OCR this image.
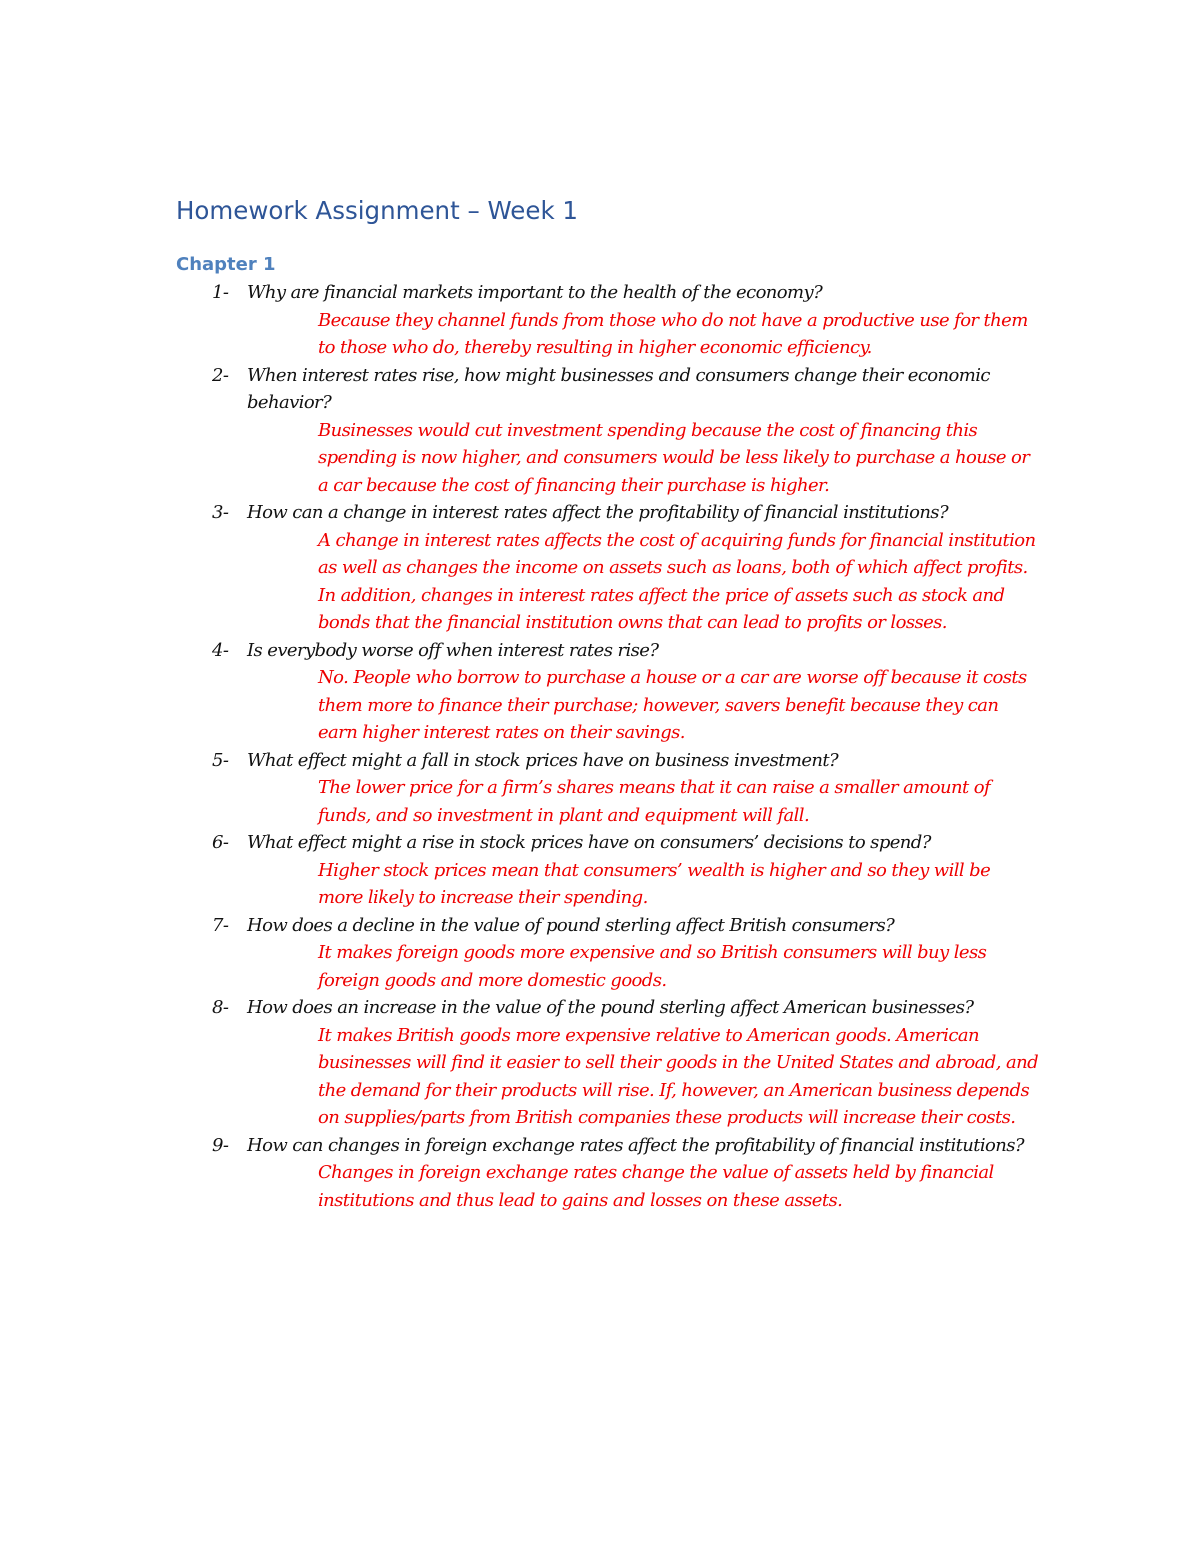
Homework Assignment – Week 1
Chapter 1
1- Why are financial markets important to the health of the economy?

Because they channel funds from those who do not have a productive use for them to those who do, thereby resulting in higher economic efficiency.

2- When interest rates rise, how might businesses and consumers change their economic behavior?

Businesses would cut investment spending because the cost of financing this spending is now higher, and consumers would be less likely to purchase a house or a car because the cost of financing their purchase is higher.

3- How can a change in interest rates affect the profitability of financial institutions?

A change in interest rates affects the cost of acquiring funds for financial institution as well as changes the income on assets such as loans, both of which affect profits. In addition, changes in interest rates affect the price of assets such as stock and bonds that the financial institution owns that can lead to profits or losses.

4- Is everybody worse off when interest rates rise?

No. People who borrow to purchase a house or a car are worse off because it costs them more to finance their purchase; however, savers benefit because they can earn higher interest rates on their savings.

5- What effect might a fall in stock prices have on business investment?

The lower price for a firm’s shares means that it can raise a smaller amount of funds, and so investment in plant and equipment will fall.

6- What effect might a rise in stock prices have on consumers’ decisions to spend?

Higher stock prices mean that consumers’ wealth is higher and so they will be more likely to increase their spending.

7- How does a decline in the value of pound sterling affect British consumers?

It makes foreign goods more expensive and so British consumers will buy less foreign goods and more domestic goods.

8- How does an increase in the value of the pound sterling affect American businesses?

It makes British goods more expensive relative to American goods. American businesses will find it easier to sell their goods in the United States and abroad, and the demand for their products will rise. If, however, an American business depends on supplies/parts from British companies these products will increase their costs.

9- How can changes in foreign exchange rates affect the profitability of financial institutions?

Changes in foreign exchange rates change the value of assets held by financial institutions and thus lead to gains and losses on these assets.
